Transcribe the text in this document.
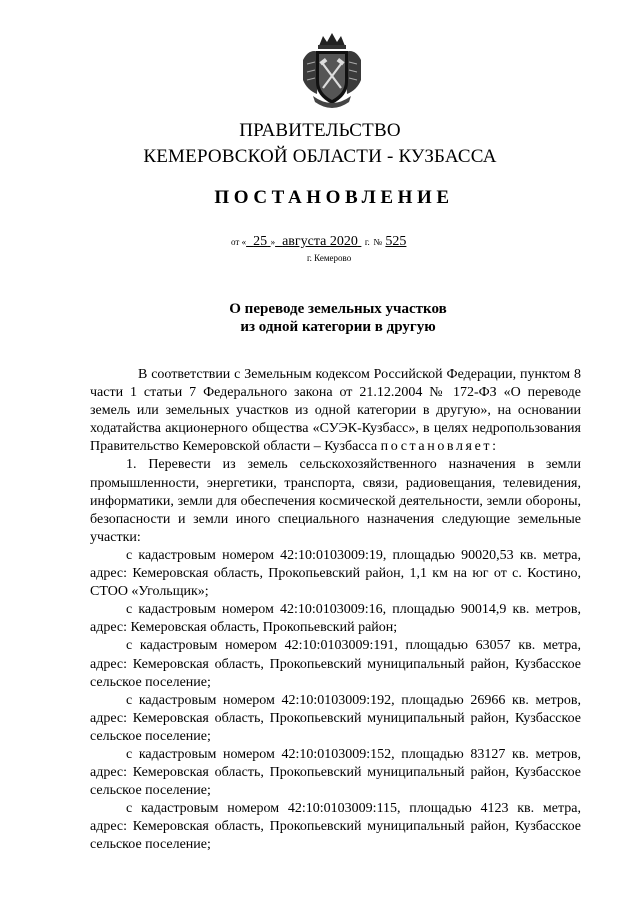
ПРАВИТЕЛЬСТВО
КЕМЕРОВСКОЙ ОБЛАСТИ - КУЗБАССА
ПОСТАНОВЛЕНИЕ
от « 25 » августа 2020 г. № 525
г. Кемерово
О переводе земельных участков
из одной категории в другую

В соответствии с Земельным кодексом Российской Федерации, пунктом 8 части 1 статьи 7 Федерального закона от 21.12.2004 № 172-ФЗ «О переводе земель или земельных участков из одной категории в другую», на основании ходатайства акционерного общества «СУЭК-Кузбасс», в целях недропользования Правительство Кемеровской области – Кузбасса постановляет:

1. Перевести из земель сельскохозяйственного назначения в земли промышленности, энергетики, транспорта, связи, радиовещания, телевидения, информатики, земли для обеспечения космической деятельности, земли обороны, безопасности и земли иного специального назначения следующие земельные участки:

с кадастровым номером 42:10:0103009:19, площадью 90020,53 кв. метра, адрес: Кемеровская область, Прокопьевский район, 1,1 км на юг от с. Костино, СТОО «Угольщик»;

с кадастровым номером 42:10:0103009:16, площадью 90014,9 кв. метров, адрес: Кемеровская область, Прокопьевский район;

с кадастровым номером 42:10:0103009:191, площадью 63057 кв. метра, адрес: Кемеровская область, Прокопьевский муниципальный район, Кузбасское сельское поселение;

с кадастровым номером 42:10:0103009:192, площадью 26966 кв. метров, адрес: Кемеровская область, Прокопьевский муниципальный район, Кузбасское сельское поселение;

с кадастровым номером 42:10:0103009:152, площадью 83127 кв. метров, адрес: Кемеровская область, Прокопьевский муниципальный район, Кузбасское сельское поселение;

с кадастровым номером 42:10:0103009:115, площадью 4123 кв. метра, адрес: Кемеровская область, Прокопьевский муниципальный район, Кузбасское сельское поселение;
